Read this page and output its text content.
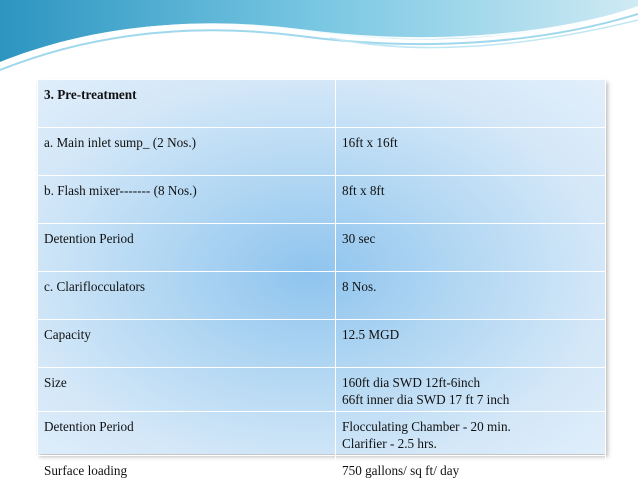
3. Pre-treatment	
a. Main inlet sump_ (2 Nos.)	16ft x 16ft
b. Flash mixer------- (8 Nos.)	8ft x 8ft
Detention Period	30 sec
c. Clariflocculators	8 Nos.
Capacity	12.5 MGD
Size	160ft dia SWD 12ft-6inch
66ft inner dia SWD 17 ft 7 inch

Detention Period	Flocculating Chamber - 20 min.
Clarifier - 2.5 hrs.

Surface loading	750 gallons/ sq ft/ day
